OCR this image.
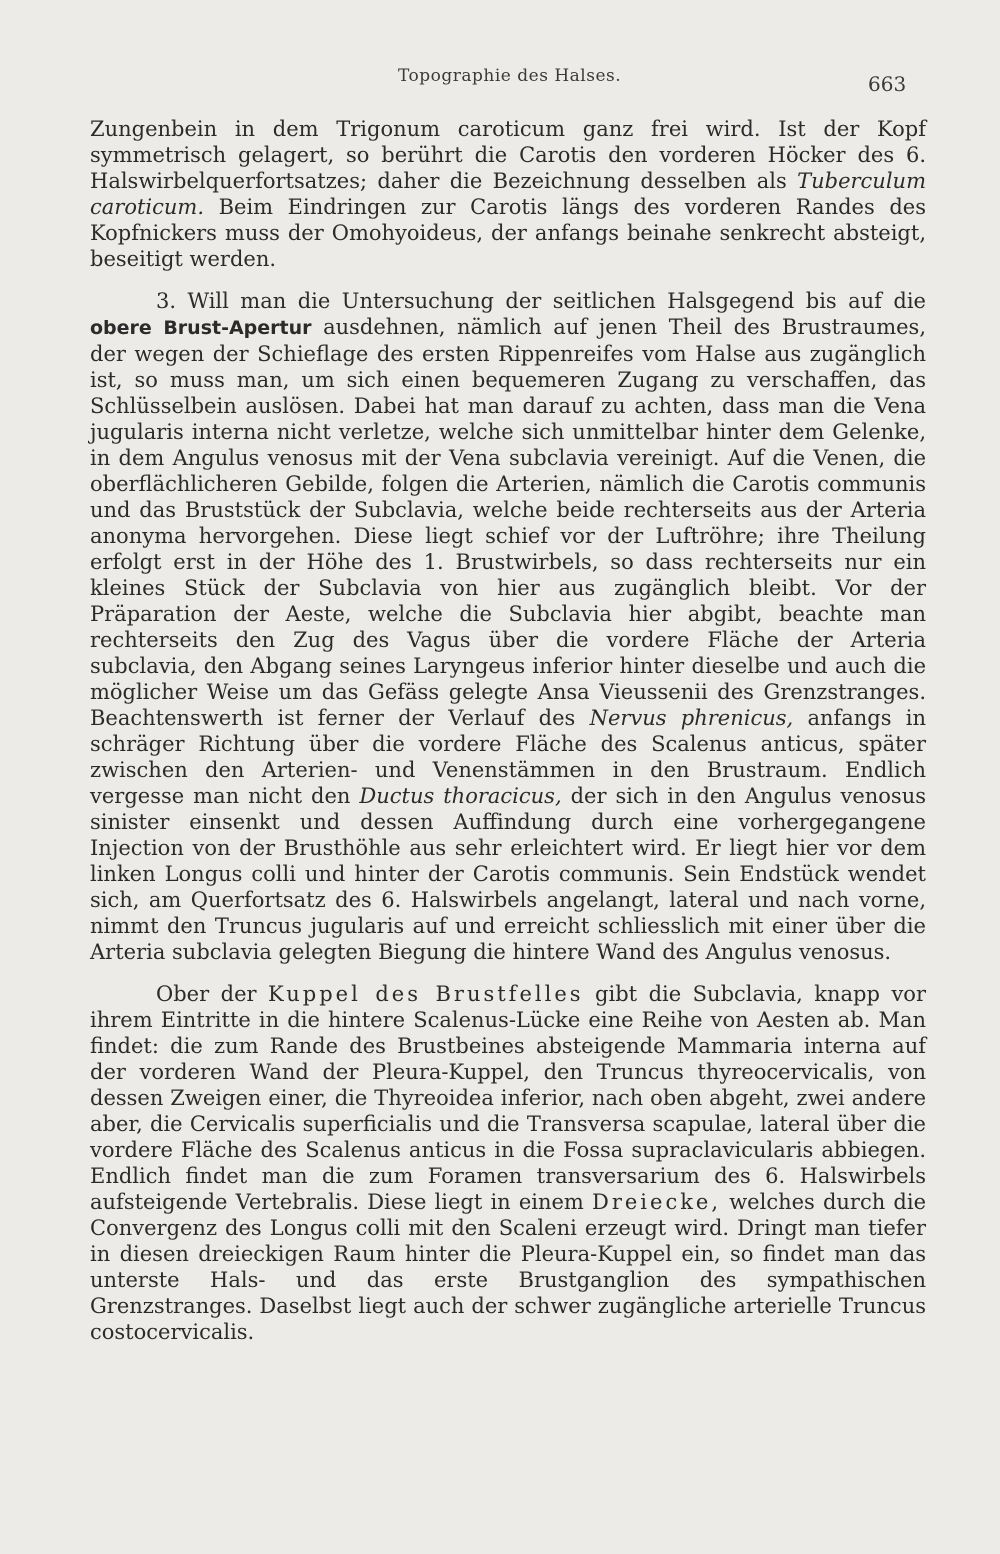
Topographie des Halses.	663

Zungenbein in dem Trigonum caroticum ganz frei wird. Ist der Kopf symmetrisch gelagert, so berührt die Carotis den vorderen Höcker des 6. Halswirbelquerfortsatzes; daher die Bezeichnung desselben als Tuberculum caroticum. Beim Eindringen zur Carotis längs des vorderen Randes des Kopfnickers muss der Omohyoideus, der anfangs beinahe senkrecht absteigt, beseitigt werden.

3. Will man die Untersuchung der seitlichen Halsgegend bis auf die obere Brust-Apertur ausdehnen, nämlich auf jenen Theil des Brustraumes, der wegen der Schieflage des ersten Rippenreifes vom Halse aus zugänglich ist, so muss man, um sich einen bequemeren Zugang zu verschaffen, das Schlüsselbein auslösen. Dabei hat man darauf zu achten, dass man die Vena jugularis interna nicht verletze, welche sich unmittelbar hinter dem Gelenke, in dem Angulus venosus mit der Vena subclavia vereinigt. Auf die Venen, die oberflächlicheren Gebilde, folgen die Arterien, nämlich die Carotis communis und das Bruststück der Subclavia, welche beide rechterseits aus der Arteria anonyma hervorgehen. Diese liegt schief vor der Luftröhre; ihre Theilung erfolgt erst in der Höhe des 1. Brustwirbels, so dass rechterseits nur ein kleines Stück der Subclavia von hier aus zugänglich bleibt. Vor der Präparation der Aeste, welche die Subclavia hier abgibt, beachte man rechterseits den Zug des Vagus über die vordere Fläche der Arteria subclavia, den Abgang seines Laryngeus inferior hinter dieselbe und auch die möglicher Weise um das Gefäss gelegte Ansa Vieussenii des Grenzstranges. Beachtenswerth ist ferner der Verlauf des Nervus phrenicus, anfangs in schräger Richtung über die vordere Fläche des Scalenus anticus, später zwischen den Arterien- und Venenstämmen in den Brustraum. Endlich vergesse man nicht den Ductus thoracicus, der sich in den Angulus venosus sinister einsenkt und dessen Auffindung durch eine vorhergegangene Injection von der Brusthöhle aus sehr erleichtert wird. Er liegt hier vor dem linken Longus colli und hinter der Carotis communis. Sein Endstück wendet sich, am Querfortsatz des 6. Halswirbels angelangt, lateral und nach vorne, nimmt den Truncus jugularis auf und erreicht schliesslich mit einer über die Arteria subclavia gelegten Biegung die hintere Wand des Angulus venosus.

Ober der Kuppel des Brustfelles gibt die Subclavia, knapp vor ihrem Eintritte in die hintere Scalenus-Lücke eine Reihe von Aesten ab. Man findet: die zum Rande des Brustbeines absteigende Mammaria interna auf der vorderen Wand der Pleura-Kuppel, den Truncus thyreocervicalis, von dessen Zweigen einer, die Thyreoidea inferior, nach oben abgeht, zwei andere aber, die Cervicalis superficialis und die Transversa scapulae, lateral über die vordere Fläche des Scalenus anticus in die Fossa supraclavicularis abbiegen. Endlich findet man die zum Foramen transversarium des 6. Halswirbels aufsteigende Vertebralis. Diese liegt in einem Dreiecke, welches durch die Convergenz des Longus colli mit den Scaleni erzeugt wird. Dringt man tiefer in diesen dreieckigen Raum hinter die Pleura-Kuppel ein, so findet man das unterste Hals- und das erste Brustganglion des sympathischen Grenzstranges. Daselbst liegt auch der schwer zugängliche arterielle Truncus costocervicalis.
